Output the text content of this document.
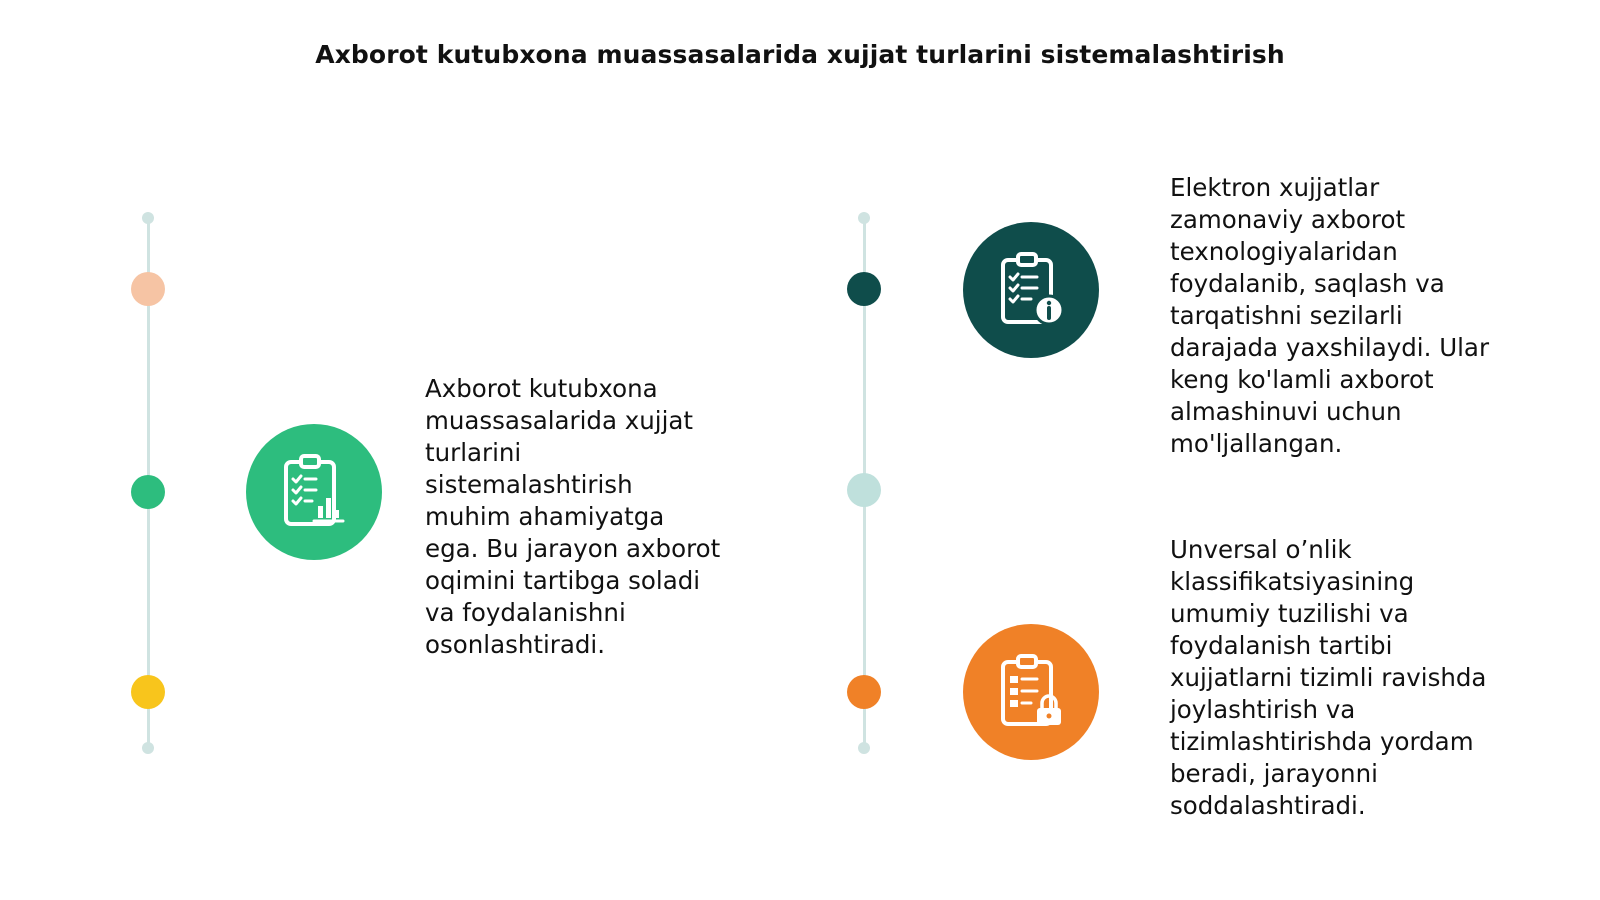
Axborot kutubxona muassasalarida xujjat turlarini sistemalashtirish
Axborot kutubxona
muassasalarida xujjat
turlarini
sistemalashtirish
muhim ahamiyatga
ega. Bu jarayon axborot
oqimini tartibga soladi
va foydalanishni
osonlashtiradi.
Elektron xujjatlar
zamonaviy axborot
texnologiyalaridan
foydalanib, saqlash va
tarqatishni sezilarli
darajada yaxshilaydi. Ular
keng ko'lamli axborot
almashinuvi uchun
mo'ljallangan.
Unversal o’nlik
klassifikatsiyasining
umumiy tuzilishi va
foydalanish tartibi
xujjatlarni tizimli ravishda
joylashtirish va
tizimlashtirishda yordam
beradi, jarayonni
soddalashtiradi.
